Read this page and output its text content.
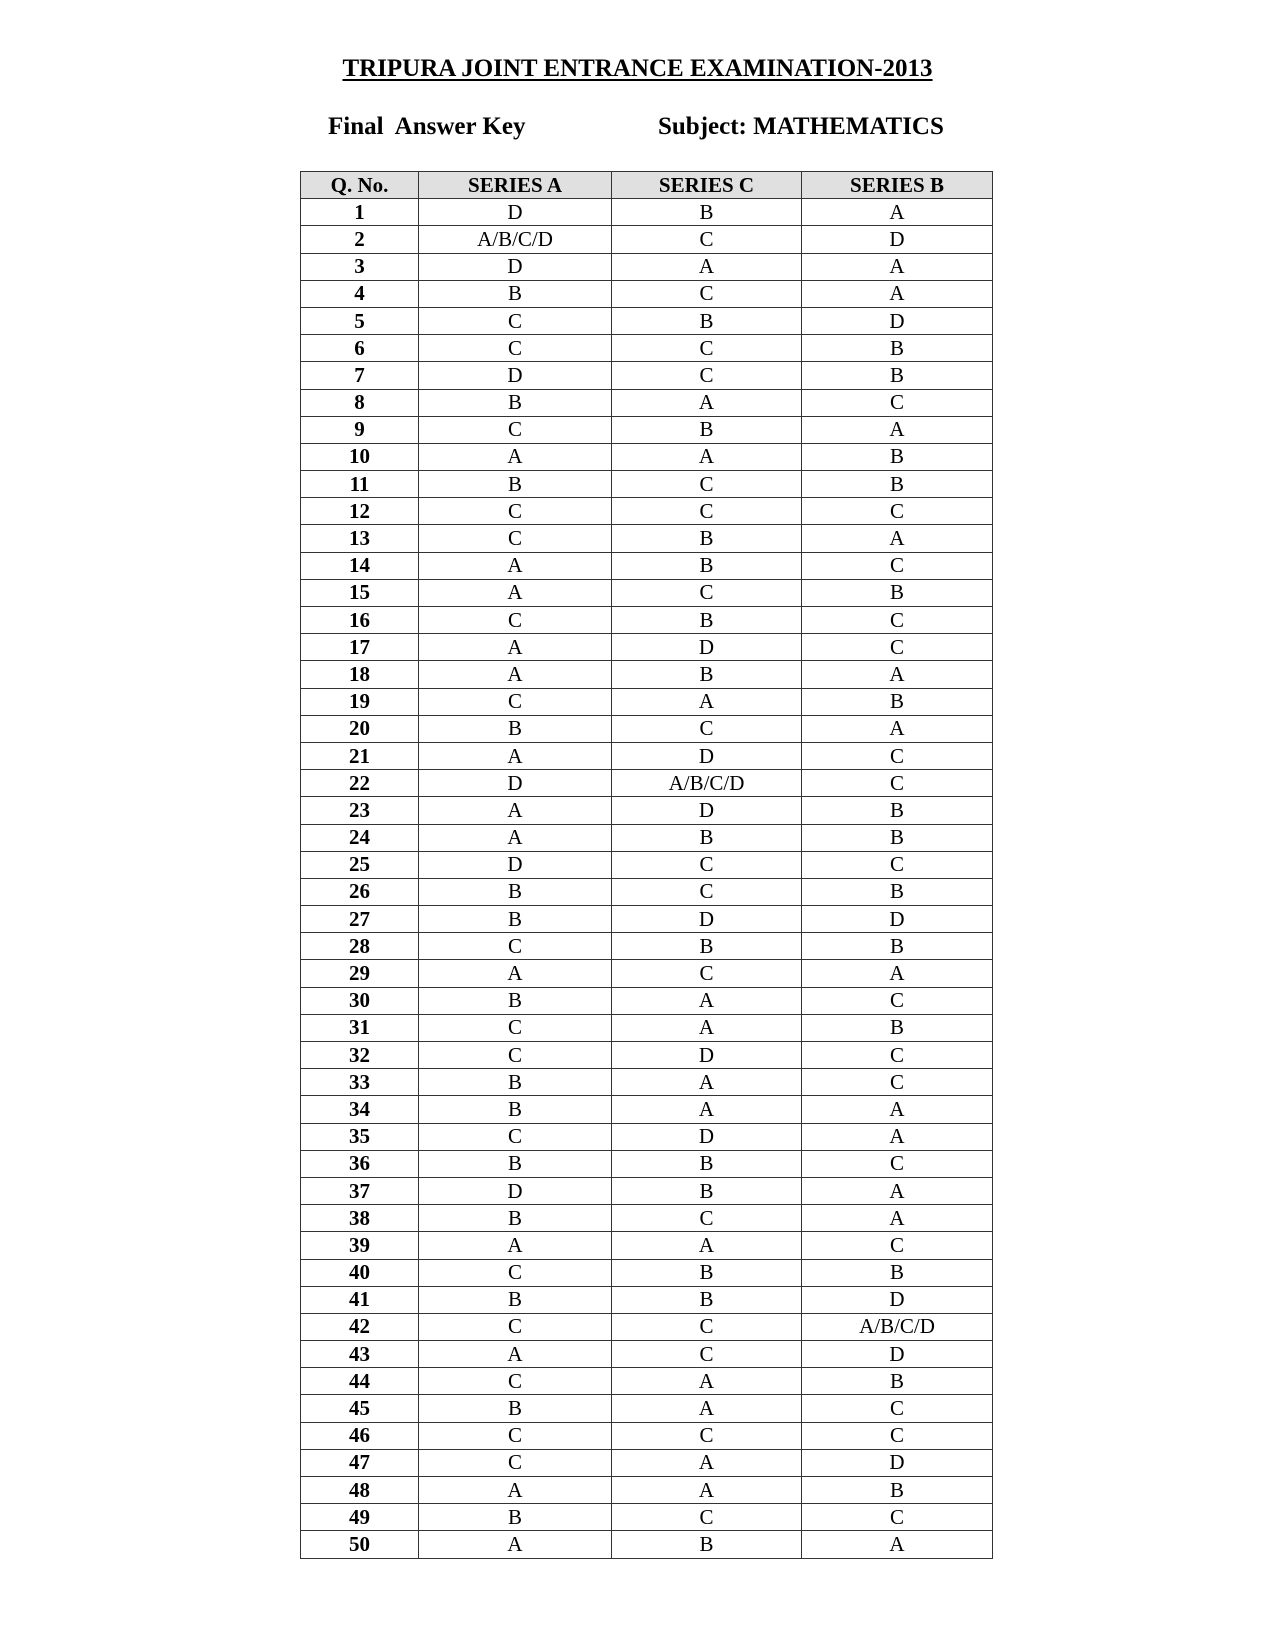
TRIPURA JOINT ENTRANCE EXAMINATION-2013
Final  Answer Key	Subject: MATHEMATICS
Q. No.	SERIES A	SERIES C	SERIES B
1	D	B	A
2	A/B/C/D	C	D
3	D	A	A
4	B	C	A
5	C	B	D
6	C	C	B
7	D	C	B
8	B	A	C
9	C	B	A
10	A	A	B
11	B	C	B
12	C	C	C
13	C	B	A
14	A	B	C
15	A	C	B
16	C	B	C
17	A	D	C
18	A	B	A
19	C	A	B
20	B	C	A
21	A	D	C
22	D	A/B/C/D	C
23	A	D	B
24	A	B	B
25	D	C	C
26	B	C	B
27	B	D	D
28	C	B	B
29	A	C	A
30	B	A	C
31	C	A	B
32	C	D	C
33	B	A	C
34	B	A	A
35	C	D	A
36	B	B	C
37	D	B	A
38	B	C	A
39	A	A	C
40	C	B	B
41	B	B	D
42	C	C	A/B/C/D
43	A	C	D
44	C	A	B
45	B	A	C
46	C	C	C
47	C	A	D
48	A	A	B
49	B	C	C
50	A	B	A
